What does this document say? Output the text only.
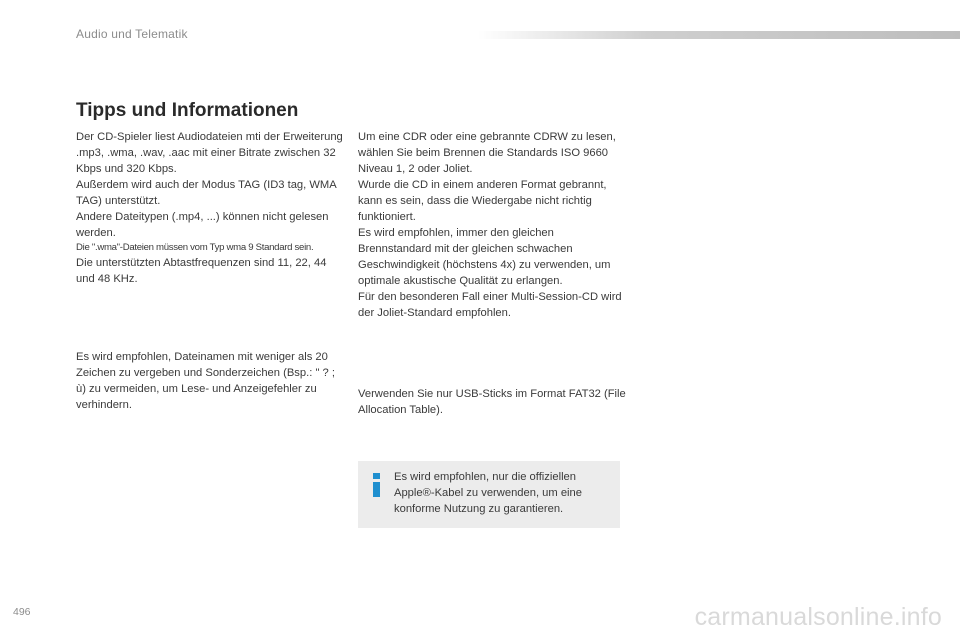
Audio und Telematik
Tipps und Informationen

Der CD-Spieler liest Audiodateien mti der Erweiterung .mp3, .wma, .wav, .aac mit einer Bitrate zwischen 32 Kbps und 320 Kbps.

Außerdem wird auch der Modus TAG (ID3 tag, WMA TAG) unterstützt.

Andere Dateitypen (.mp4, ...) können nicht gelesen werden.

Die ".wma"-Dateien müssen vom Typ wma 9 Standard sein.

Die unterstützten Abtastfrequenzen sind 11, 22, 44 und 48 KHz.

Es wird empfohlen, Dateinamen mit weniger als 20 Zeichen zu vergeben und Sonderzeichen (Bsp.: " ? ; ù) zu vermeiden, um Lese- und Anzeigefehler zu verhindern.

Um eine CDR oder eine gebrannte CDRW zu lesen, wählen Sie beim Brennen die Standards ISO 9660 Niveau 1, 2 oder Joliet.

Wurde die CD in einem anderen Format gebrannt, kann es sein, dass die Wiedergabe nicht richtig funktioniert.

Es wird empfohlen, immer den gleichen Brennstandard mit der gleichen schwachen Geschwindigkeit (höchstens 4x) zu verwenden, um optimale akustische Qualität zu erlangen.

Für den besonderen Fall einer Multi-Session-CD wird der Joliet-Standard empfohlen.

Verwenden Sie nur USB-Sticks im Format FAT32 (File Allocation Table).

Es wird empfohlen, nur die offiziellen Apple®-Kabel zu verwenden, um eine konforme Nutzung zu garantieren.

496	carmanualsonline.info
